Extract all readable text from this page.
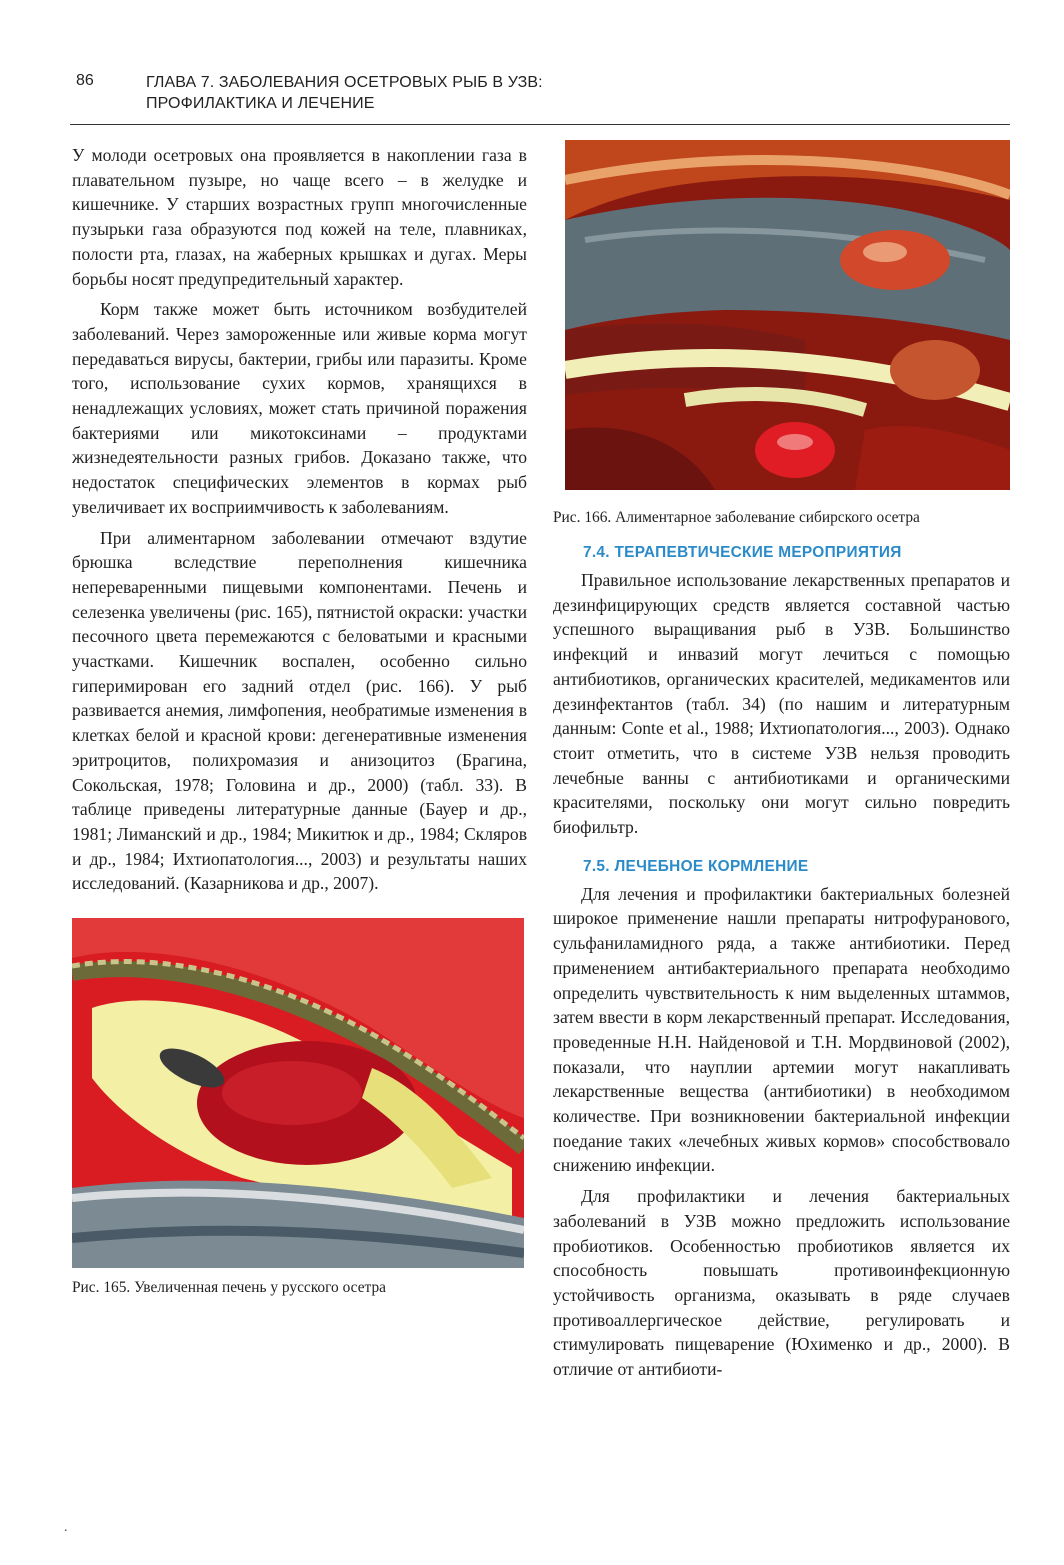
86	ГЛАВА 7. ЗАБОЛЕВАНИЯ ОСЕТРОВЫХ РЫБ В УЗВ:
ПРОФИЛАКТИКА И ЛЕЧЕНИЕ

У молоди осетровых она проявляется в накоплении газа в плавательном пузыре, но чаще всего – в желудке и кишечнике. У старших возрастных групп многочисленные пузырьки газа образуются под кожей на теле, плавниках, полости рта, глазах, на жаберных крышках и дугах. Меры борьбы носят предупредительный характер.

Корм также может быть источником возбудителей заболеваний. Через замороженные или живые корма могут передаваться вирусы, бактерии, грибы или паразиты. Кроме того, использование сухих кормов, хранящихся в ненадлежащих условиях, может стать причиной поражения бактериями или микотоксинами – продуктами жизнедеятельности разных грибов. Доказано также, что недостаток специфических элементов в кормах рыб увеличивает их восприимчивость к заболеваниям.

При алиментарном заболевании отмечают вздутие брюшка вследствие переполнения кишечника непереваренными пищевыми компонентами. Печень и селезенка увеличены (рис. 165), пятнистой окраски: участки песочного цвета перемежаются с беловатыми и красными участками. Кишечник воспален, особенно сильно гиперимирован его задний отдел (рис. 166). У рыб развивается анемия, лимфопения, необратимые изменения в клетках белой и красной крови: дегенеративные изменения эритроцитов, полихромазия и анизоцитоз (Брагина, Сокольская, 1978; Головина и др., 2000) (табл. 33). В таблице приведены литературные данные (Бауер и др., 1981; Лиманский и др., 1984; Микитюк и др., 1984; Скляров и др., 1984; Ихтиопатология..., 2003) и результаты наших исследований. (Казарникова и др., 2007).

Рис. 165. Увеличенная печень у русского осетра
Рис. 166. Алиментарное заболевание сибирского осетра
7.4. ТЕРАПЕВТИЧЕСКИЕ МЕРОПРИЯТИЯ

Правильное использование лекарственных препаратов и дезинфицирующих средств является составной частью успешного выращивания рыб в УЗВ. Большинство инфекций и инвазий могут лечиться с помощью антибиотиков, органических красителей, медикаментов или дезинфектантов (табл. 34) (по нашим и литературным данным: Conte et al., 1988; Ихтиопатология..., 2003). Однако стоит отметить, что в системе УЗВ нельзя проводить лечебные ванны с антибиотиками и органическими красителями, поскольку они могут сильно повредить биофильтр.

7.5. ЛЕЧЕБНОЕ КОРМЛЕНИЕ

Для лечения и профилактики бактериальных болезней широкое применение нашли препараты нитрофуранового, сульфаниламидного ряда, а также антибиотики. Перед применением антибактериального препарата необходимо определить чувствительность к ним выделенных штаммов, затем ввести в корм лекарственный препарат. Исследования, проведенные Н.Н. Найденовой и Т.Н. Мордвиновой (2002), показали, что науплии артемии могут накапливать лекарственные вещества (антибиотики) в необходимом количестве. При возникновении бактериальной инфекции поедание таких «лечебных живых кормов» способствовало снижению инфекции.

Для профилактики и лечения бактериальных заболеваний в УЗВ можно предложить использование пробиотиков. Особенностью пробиотиков является их способность повышать противоинфекционную устойчивость организма, оказывать в ряде случаев противоаллергическое действие, регулировать и стимулировать пищеварение (Юхименко и др., 2000). В отличие от антибиоти-

.
